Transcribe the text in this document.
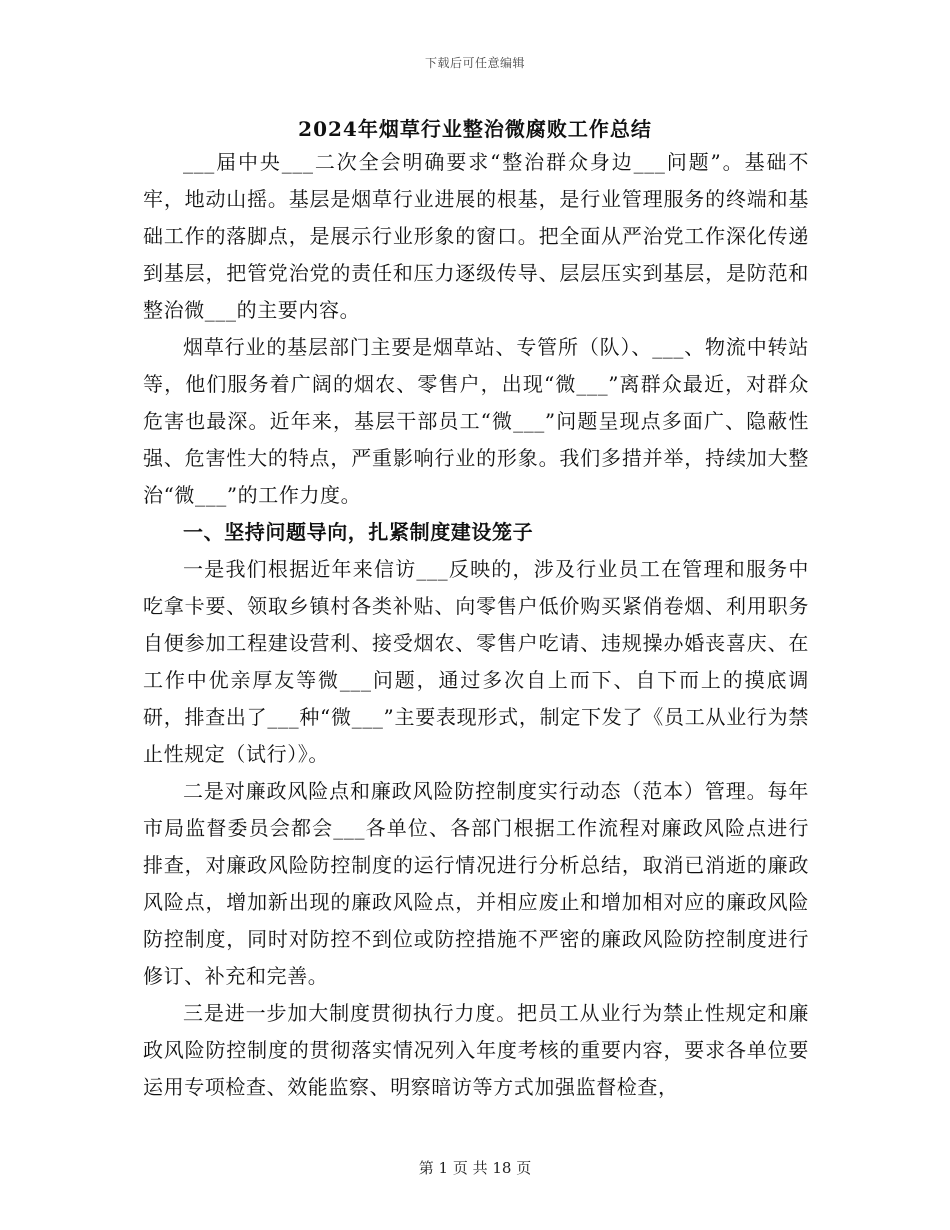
下载后可任意编辑
2024年烟草行业整治微腐败工作总结

___届中央___二次全会明确要求“整治群众身边___问题”。基础不牢，地动山摇。基层是烟草行业进展的根基，是行业管理服务的终端和基础工作的落脚点，是展示行业形象的窗口。把全面从严治党工作深化传递到基层，把管党治党的责任和压力逐级传导、层层压实到基层，是防范和整治微___的主要内容。

烟草行业的基层部门主要是烟草站、专管所（队）、___、物流中转站等，他们服务着广阔的烟农、零售户，出现“微___”离群众最近，对群众危害也最深。近年来，基层干部员工“微___”问题呈现点多面广、隐蔽性强、危害性大的特点，严重影响行业的形象。我们多措并举，持续加大整治“微___”的工作力度。

一、坚持问题导向，扎紧制度建设笼子

一是我们根据近年来信访___反映的，涉及行业员工在管理和服务中吃拿卡要、领取乡镇村各类补贴、向零售户低价购买紧俏卷烟、利用职务自便参加工程建设营利、接受烟农、零售户吃请、违规操办婚丧喜庆、在工作中优亲厚友等微___问题，通过多次自上而下、自下而上的摸底调研，排查出了___种“微___”主要表现形式，制定下发了《员工从业行为禁止性规定（试行）》。

二是对廉政风险点和廉政风险防控制度实行动态（范本）管理。每年市局监督委员会都会___各单位、各部门根据工作流程对廉政风险点进行排查，对廉政风险防控制度的运行情况进行分析总结，取消已消逝的廉政风险点，增加新出现的廉政风险点，并相应废止和增加相对应的廉政风险防控制度，同时对防控不到位或防控措施不严密的廉政风险防控制度进行修订、补充和完善。

三是进一步加大制度贯彻执行力度。把员工从业行为禁止性规定和廉政风险防控制度的贯彻落实情况列入年度考核的重要内容，要求各单位要运用专项检查、效能监察、明察暗访等方式加强监督检查，

第 1 页 共 18 页
